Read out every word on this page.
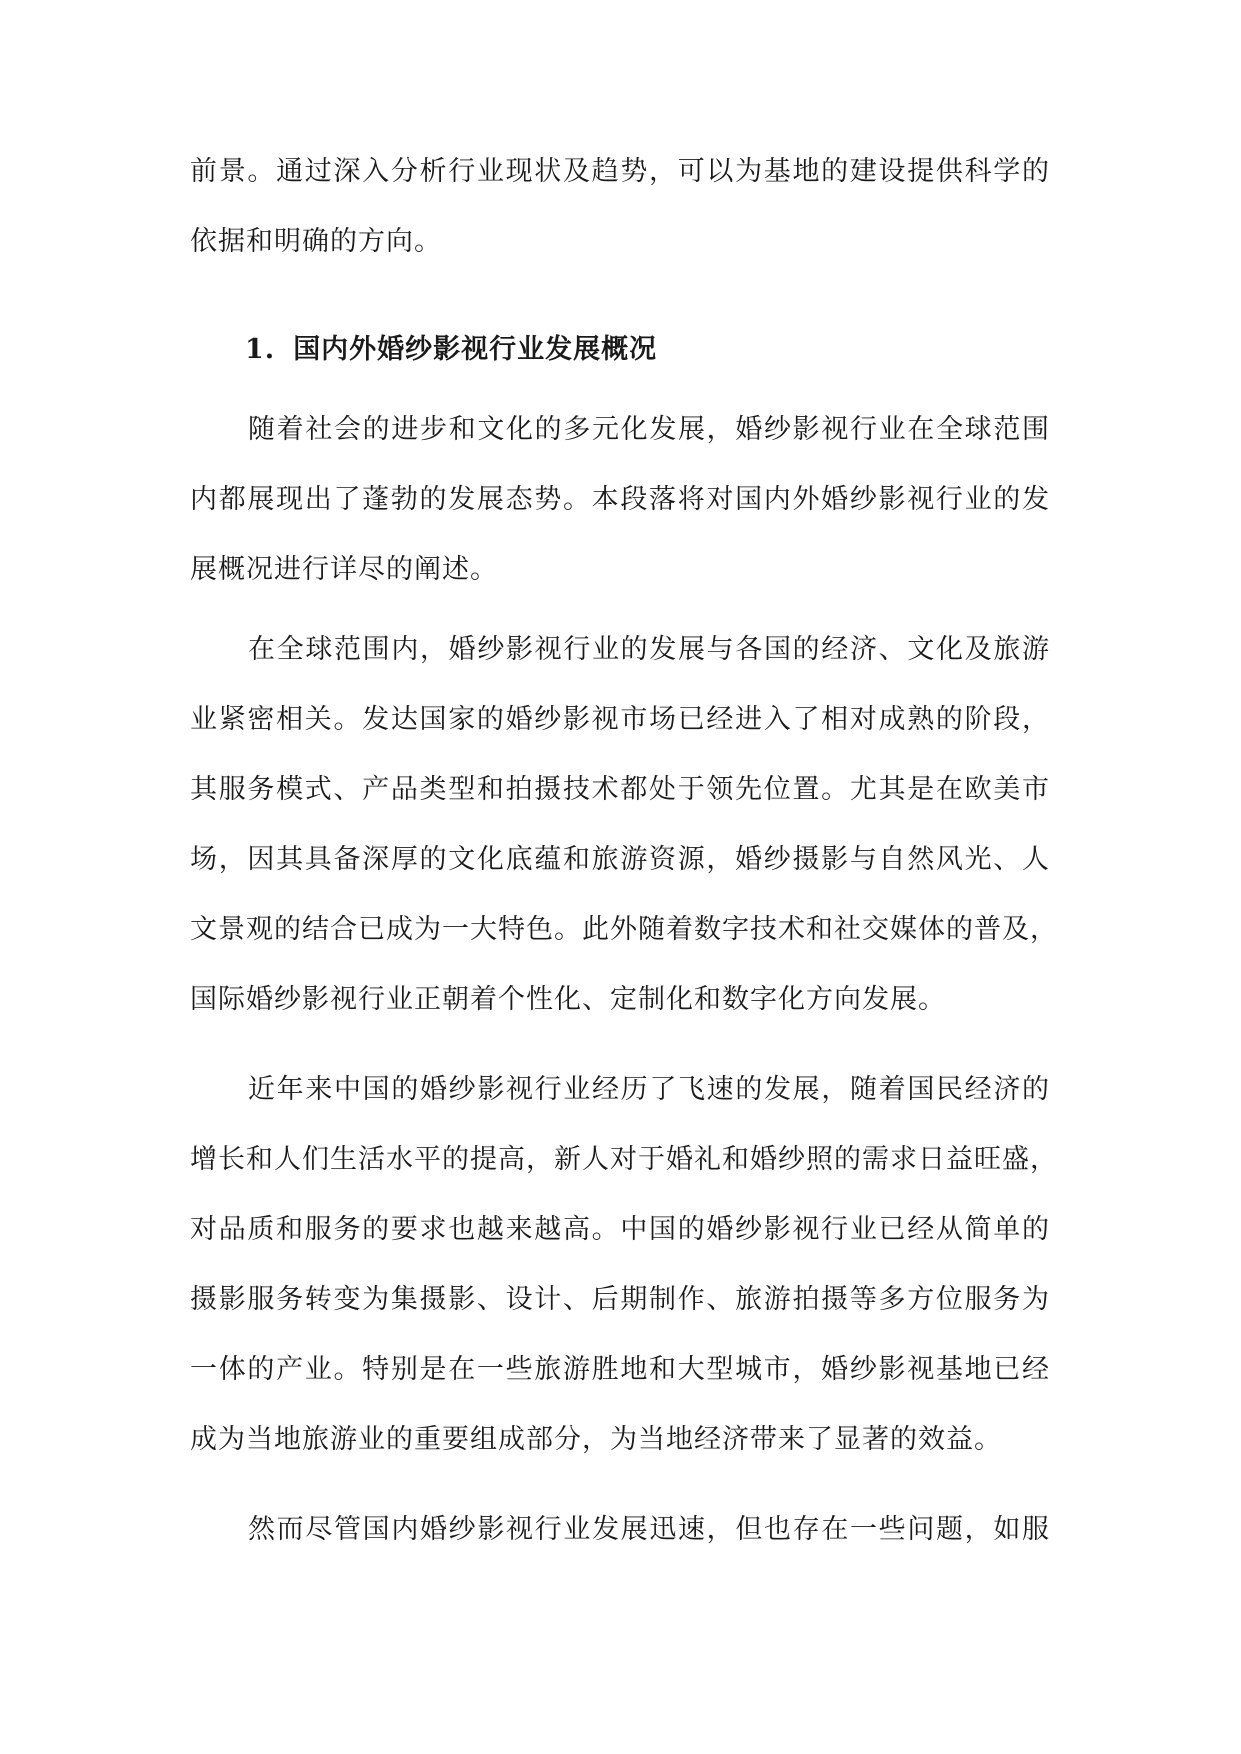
前景。通过深入分析行业现状及趋势，可以为基地的建设提供科学的
依据和明确的方向。
1. 国内外婚纱影视行业发展概况
随着社会的进步和文化的多元化发展，婚纱影视行业在全球范围
内都展现出了蓬勃的发展态势。本段落将对国内外婚纱影视行业的发
展概况进行详尽的阐述。
在全球范围内，婚纱影视行业的发展与各国的经济、文化及旅游
业紧密相关。发达国家的婚纱影视市场已经进入了相对成熟的阶段，
其服务模式、产品类型和拍摄技术都处于领先位置。尤其是在欧美市
场，因其具备深厚的文化底蕴和旅游资源，婚纱摄影与自然风光、人
文景观的结合已成为一大特色。此外随着数字技术和社交媒体的普及，
国际婚纱影视行业正朝着个性化、定制化和数字化方向发展。
近年来中国的婚纱影视行业经历了飞速的发展，随着国民经济的
增长和人们生活水平的提高，新人对于婚礼和婚纱照的需求日益旺盛，
对品质和服务的要求也越来越高。中国的婚纱影视行业已经从简单的
摄影服务转变为集摄影、设计、后期制作、旅游拍摄等多方位服务为
一体的产业。特别是在一些旅游胜地和大型城市，婚纱影视基地已经
成为当地旅游业的重要组成部分，为当地经济带来了显著的效益。
然而尽管国内婚纱影视行业发展迅速，但也存在一些问题，如服
